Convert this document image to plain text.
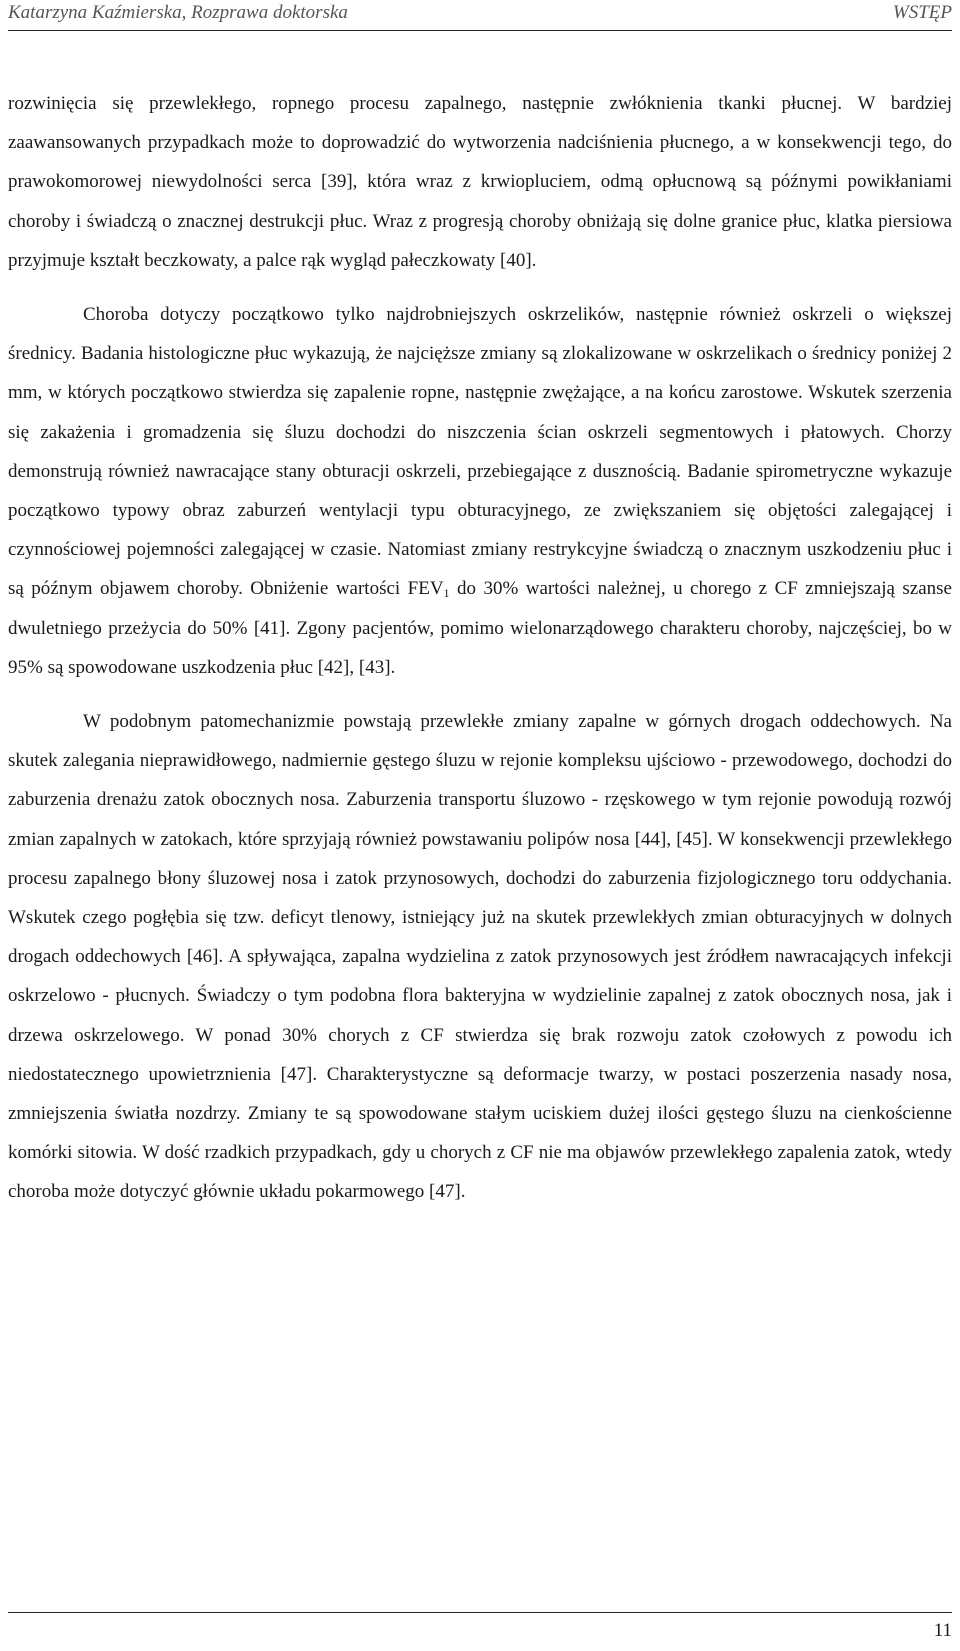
Katarzyna Kaźmierska, Rozprawa doktorska	WSTĘP

rozwinięcia się przewlekłego, ropnego procesu zapalnego, następnie zwłóknienia tkanki płucnej. W bardziej zaawansowanych przypadkach może to doprowadzić do wytworzenia nadciśnienia płucnego, a w konsekwencji tego, do prawokomorowej niewydolności serca [39], która wraz z krwiopluciem, odmą opłucnową są późnymi powikłaniami choroby i świadczą o znacznej destrukcji płuc. Wraz z progresją choroby obniżają się dolne granice płuc, klatka piersiowa przyjmuje kształt beczkowaty, a palce rąk wygląd pałeczkowaty [40].

Choroba dotyczy początkowo tylko najdrobniejszych oskrzelików, następnie również oskrzeli o większej średnicy. Badania histologiczne płuc wykazują, że najcięższe zmiany są zlokalizowane w oskrzelikach o średnicy poniżej 2 mm, w których początkowo stwierdza się zapalenie ropne, następnie zwężające, a na końcu zarostowe. Wskutek szerzenia się zakażenia i gromadzenia się śluzu dochodzi do niszczenia ścian oskrzeli segmentowych i płatowych. Chorzy demonstrują również nawracające stany obturacji oskrzeli, przebiegające z dusznością. Badanie spirometryczne wykazuje początkowo typowy obraz zaburzeń wentylacji typu obturacyjnego, ze zwiększaniem się objętości zalegającej i czynnościowej pojemności zalegającej w czasie. Natomiast zmiany restrykcyjne świadczą o znacznym uszkodzeniu płuc i są późnym objawem choroby. Obniżenie wartości $FEV_1$ do 30% wartości należnej, u chorego z CF zmniejszają szanse dwuletniego przeżycia do 50% [41]. Zgony pacjentów, pomimo wielonarządowego charakteru choroby, najczęściej, bo w 95% są spowodowane uszkodzenia płuc [42], [43].

W podobnym patomechanizmie powstają przewlekłe zmiany zapalne w górnych drogach oddechowych. Na skutek zalegania nieprawidłowego, nadmiernie gęstego śluzu w rejonie kompleksu ujściowo - przewodowego, dochodzi do zaburzenia drenażu zatok obocznych nosa. Zaburzenia transportu śluzowo - rzęskowego w tym rejonie powodują rozwój zmian zapalnych w zatokach, które sprzyjają również powstawaniu polipów nosa [44], [45]. W konsekwencji przewlekłego procesu zapalnego błony śluzowej nosa i zatok przynosowych, dochodzi do zaburzenia fizjologicznego toru oddychania. Wskutek czego pogłębia się tzw. deficyt tlenowy, istniejący już na skutek przewlekłych zmian obturacyjnych w dolnych drogach oddechowych [46]. A spływająca, zapalna wydzielina z zatok przynosowych jest źródłem nawracających infekcji oskrzelowo - płucnych. Świadczy o tym podobna flora bakteryjna w wydzielinie zapalnej z zatok obocznych nosa, jak i drzewa oskrzelowego. W ponad 30% chorych z CF stwierdza się brak rozwoju zatok czołowych z powodu ich niedostatecznego upowietrznienia [47]. Charakterystyczne są deformacje twarzy, w postaci poszerzenia nasady nosa, zmniejszenia światła nozdrzy. Zmiany te są spowodowane stałym uciskiem dużej ilości gęstego śluzu na cienkościenne komórki sitowia. W dość rzadkich przypadkach, gdy u chorych z CF nie ma objawów przewlekłego zapalenia zatok, wtedy choroba może dotyczyć głównie układu pokarmowego [47].

11
